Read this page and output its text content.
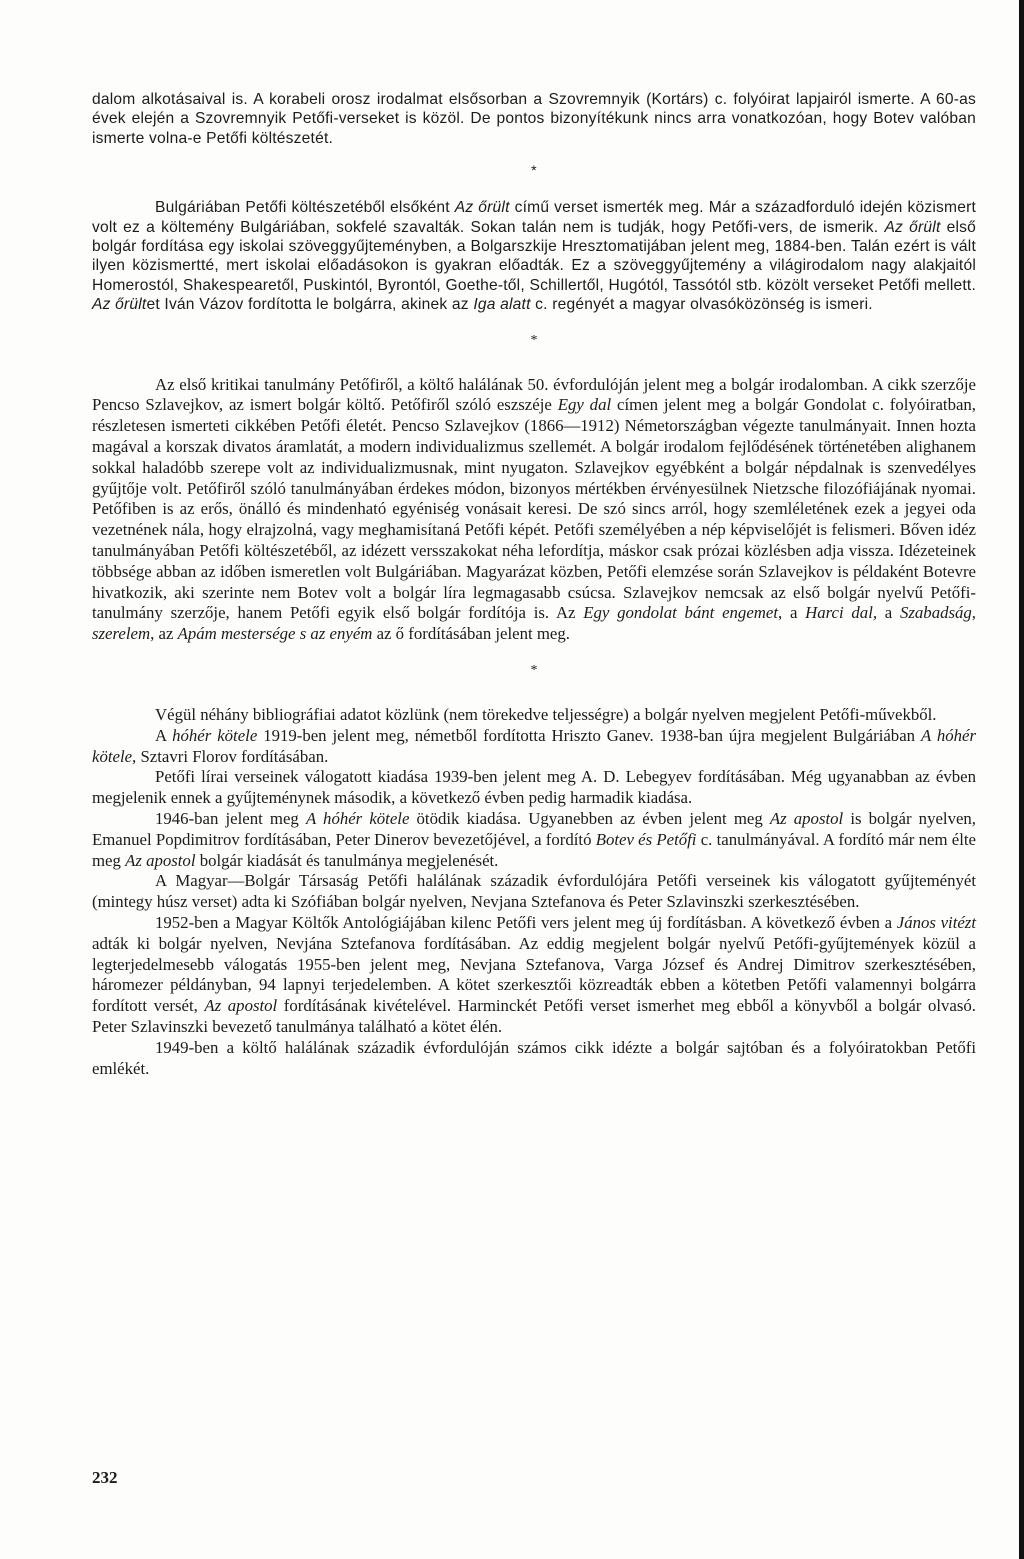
dalom alkotásaival is. A korabeli orosz irodalmat elsősorban a Szovremnyik (Kortárs) c. folyóirat lapjairól ismerte. A 60-as évek elején a Szovremnyik Petőfi-verseket is közöl. De pontos bizonyítékunk nincs arra vonatkozóan, hogy Botev valóban ismerte volna-e Petőfi költészetét.

*

Bulgáriában Petőfi költészetéből elsőként Az őrült című verset ismerték meg. Már a századforduló idején közismert volt ez a költemény Bulgáriában, sokfelé szavalták. Sokan talán nem is tudják, hogy Petőfi-vers, de ismerik. Az őrült első bolgár fordítása egy iskolai szöveggyűjteményben, a Bolgarszkije Hresztomatijában jelent meg, 1884-ben. Talán ezért is vált ilyen közismertté, mert iskolai előadásokon is gyakran előadták. Ez a szöveggyűjtemény a világirodalom nagy alakjaitól Homerostól, Shakespearetől, Puskintól, Byrontól, Goethe-től, Schillertől, Hugótól, Tassótól stb. közölt verseket Petőfi mellett. Az őrültet Iván Vázov fordította le bolgárra, akinek az Iga alatt c. regényét a magyar olvasóközönség is ismeri.

*

Az első kritikai tanulmány Petőfiről, a költő halálának 50. évfordulóján jelent meg a bolgár irodalomban. A cikk szerzője Pencso Szlavejkov, az ismert bolgár költő. Petőfiről szóló eszszéje Egy dal címen jelent meg a bolgár Gondolat c. folyóiratban, részletesen ismerteti cikkében Petőfi életét. Pencso Szlavejkov (1866—1912) Németországban végezte tanulmányait. Innen hozta magával a korszak divatos áramlatát, a modern individualizmus szellemét. A bolgár irodalom fejlődésének történetében alighanem sokkal haladóbb szerepe volt az individualizmusnak, mint nyugaton. Szlavejkov egyébként a bolgár népdalnak is szenvedélyes gyűjtője volt. Petőfiről szóló tanulmányában érdekes módon, bizonyos mértékben érvényesülnek Nietzsche filozófiájának nyomai. Petőfiben is az erős, önálló és mindenható egyéniség vonásait keresi. De szó sincs arról, hogy szemléletének ezek a jegyei oda vezetnének nála, hogy elrajzolná, vagy meghamisítaná Petőfi képét. Petőfi személyében a nép képviselőjét is felismeri. Bőven idéz tanulmányában Petőfi költészetéből, az idézett versszakokat néha lefordítja, máskor csak prózai közlésben adja vissza. Idézeteinek többsége abban az időben ismeretlen volt Bulgáriában. Magyarázat közben, Petőfi elemzése során Szlavejkov is példaként Botevre hivatkozik, aki szerinte nem Botev volt a bolgár líra legmagasabb csúcsa. Szlavejkov nemcsak az első bolgár nyelvű Petőfi-tanulmány szerzője, hanem Petőfi egyik első bolgár fordítója is. Az Egy gondolat bánt engemet, a Harci dal, a Szabadság, szerelem, az Apám mestersége s az enyém az ő fordításában jelent meg.

*

Végül néhány bibliográfiai adatot közlünk (nem törekedve teljességre) a bolgár nyelven megjelent Petőfi-művekből.

A hóhér kötele 1919-ben jelent meg, németből fordította Hriszto Ganev. 1938-ban újra megjelent Bulgáriában A hóhér kötele, Sztavri Florov fordításában.

Petőfi lírai verseinek válogatott kiadása 1939-ben jelent meg A. D. Lebegyev fordításában. Még ugyanabban az évben megjelenik ennek a gyűjteménynek második, a következő évben pedig harmadik kiadása.

1946-ban jelent meg A hóhér kötele ötödik kiadása. Ugyanebben az évben jelent meg Az apostol is bolgár nyelven, Emanuel Popdimitrov fordításában, Peter Dinerov bevezetőjével, a fordító Botev és Petőfi c. tanulmányával. A fordító már nem élte meg Az apostol bolgár kiadását és tanulmánya megjelenését.

A Magyar—Bolgár Társaság Petőfi halálának századik évfordulójára Petőfi verseinek kis válogatott gyűjteményét (mintegy húsz verset) adta ki Szófiában bolgár nyelven, Nevjana Sztefanova és Peter Szlavinszki szerkesztésében.

1952-ben a Magyar Költők Antológiájában kilenc Petőfi vers jelent meg új fordításban. A következő évben a János vitézt adták ki bolgár nyelven, Nevjána Sztefanova fordításában. Az eddig megjelent bolgár nyelvű Petőfi-gyűjtemények közül a legterjedelmesebb válogatás 1955-ben jelent meg, Nevjana Sztefanova, Varga József és Andrej Dimitrov szerkesztésében, háromezer példányban, 94 lapnyi terjedelemben. A kötet szerkesztői közreadták ebben a kötetben Petőfi valamennyi bolgárra fordított versét, Az apostol fordításának kivételével. Harminckét Petőfi verset ismerhet meg ebből a könyvből a bolgár olvasó. Peter Szlavinszki bevezető tanulmánya található a kötet élén.

1949-ben a költő halálának századik évfordulóján számos cikk idézte a bolgár sajtóban és a folyóiratokban Petőfi emlékét.

232
